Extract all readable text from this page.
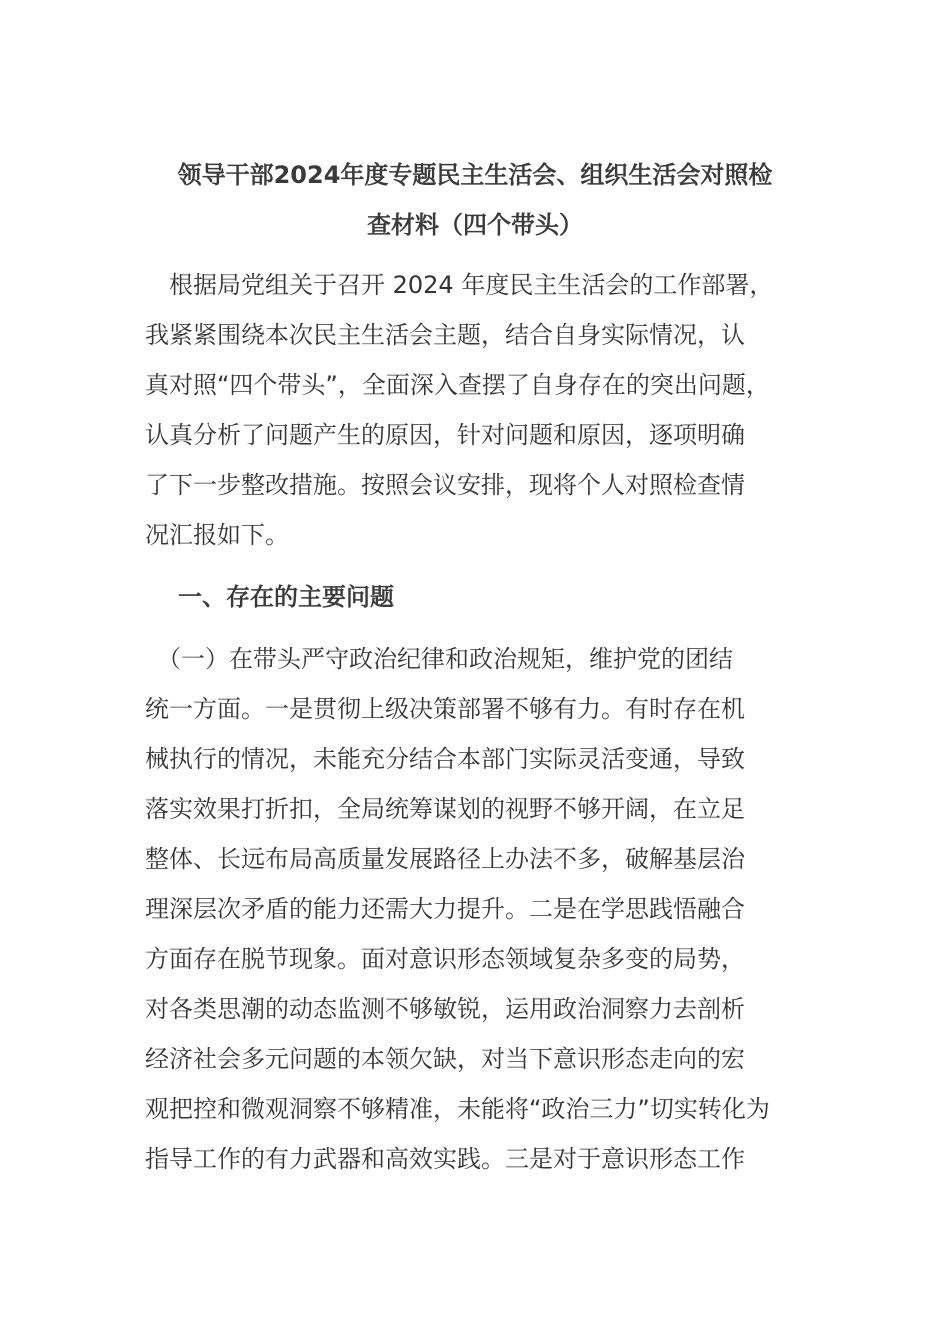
领导干部2024年度专题民主生活会、组织生活会对照检
查材料（四个带头）
　根据局党组关于召开 2024 年度民主生活会的工作部署，
我紧紧围绕本次民主生活会主题，结合自身实际情况，认
真对照“四个带头”，全面深入查摆了自身存在的突出问题，
认真分析了问题产生的原因，针对问题和原因，逐项明确
了下一步整改措施。按照会议安排，现将个人对照检查情
况汇报如下。
一、存在的主要问题
　（一）在带头严守政治纪律和政治规矩，维护党的团结
统一方面。一是贯彻上级决策部署不够有力。有时存在机
械执行的情况，未能充分结合本部门实际灵活变通，导致
落实效果打折扣，全局统筹谋划的视野不够开阔，在立足
整体、长远布局高质量发展路径上办法不多，破解基层治
理深层次矛盾的能力还需大力提升。二是在学思践悟融合
方面存在脱节现象。面对意识形态领域复杂多变的局势，
对各类思潮的动态监测不够敏锐，运用政治洞察力去剖析
经济社会多元问题的本领欠缺，对当下意识形态走向的宏
观把控和微观洞察不够精准，未能将“政治三力”切实转化为
指导工作的有力武器和高效实践。三是对于意识形态工作
